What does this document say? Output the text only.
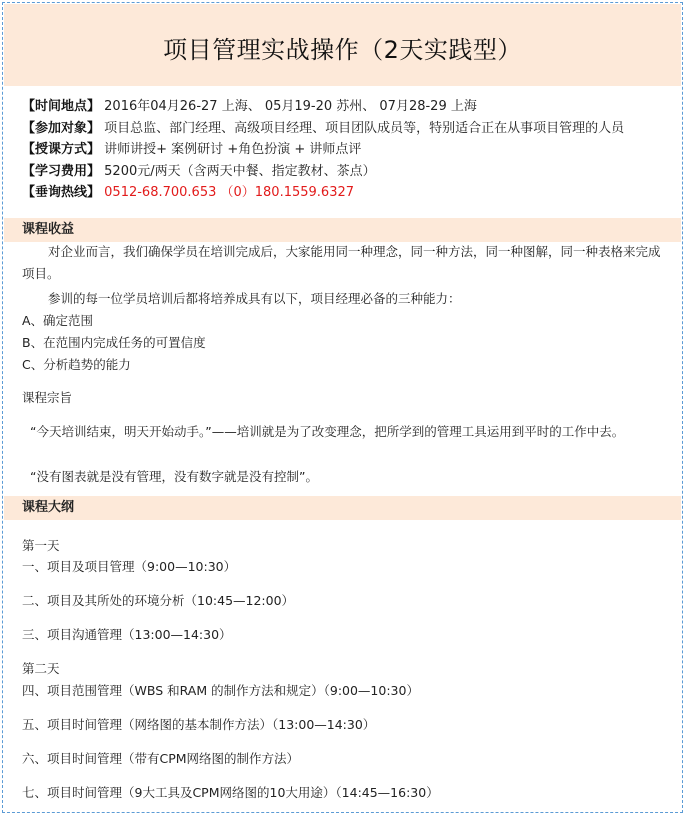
项目管理实战操作（2天实践型）
【时间地点】 2016年04月26-27 上海、 05月19-20 苏州、 07月28-29 上海
【参加对象】 项目总监、部门经理、高级项目经理、项目团队成员等，特别适合正在从事项目管理的人员
【授课方式】 讲师讲授+ 案例研讨 +角色扮演 + 讲师点评
【学习费用】 5200元/两天（含两天中餐、指定教材、茶点）
【垂询热线】 0512-68.700.653 （0）180.1559.6327
课程收益
对企业而言，我们确保学员在培训完成后，大家能用同一种理念，同一种方法，同一种图解，同一种表格来完成项目。
参训的每一位学员培训后都将培养成具有以下，项目经理必备的三种能力：
A、确定范围
B、在范围内完成任务的可置信度
C、分析趋势的能力
课程宗旨
“今天培训结束，明天开始动手。”——培训就是为了改变理念，把所学到的管理工具运用到平时的工作中去。
“没有图表就是没有管理，没有数字就是没有控制”。
课程大纲
第一天
一、项目及项目管理（9:00—10:30）
二、项目及其所处的环境分析（10:45—12:00）
三、项目沟通管理（13:00—14:30）
第二天
四、项目范围管理（WBS 和RAM 的制作方法和规定）（9:00—10:30）
五、项目时间管理（网络图的基本制作方法）（13:00—14:30）
六、项目时间管理（带有CPM网络图的制作方法）
七、项目时间管理（9大工具及CPM网络图的10大用途）（14:45—16:30）
